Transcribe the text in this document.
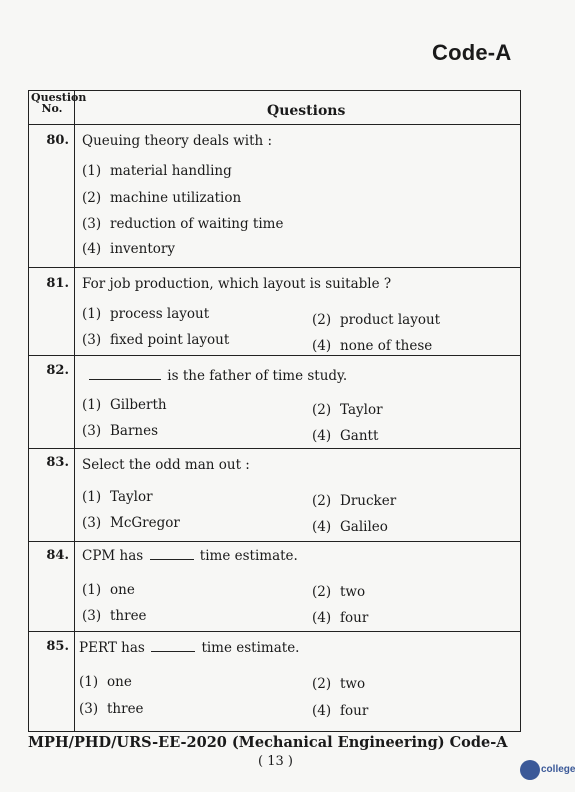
Code-A
Question
No.	Questions
80. Queuing theory deals with :
(1) material handling
(2) machine utilization
(3) reduction of waiting time
(4) inventory
81. For job production, which layout is suitable ?
(1) process layout	(2) product layout
(3) fixed point layout	(4) none of these
82.	is the father of time study.
(1) Gilberth	(2) Taylor
(3) Barnes	(4) Gantt
83. Select the odd man out :
(1) Taylor	(2) Drucker
(3) McGregor	(4) Galileo
84. CPM has	time estimate.
(1) one	(2) two
(3) three	(4) four
85. PERT has	time estimate.
(1) one	(2) two
(3) three	(4) four
MPH/PHD/URS-EE-2020 (Mechanical Engineering) Code-A
( 13 )
college
